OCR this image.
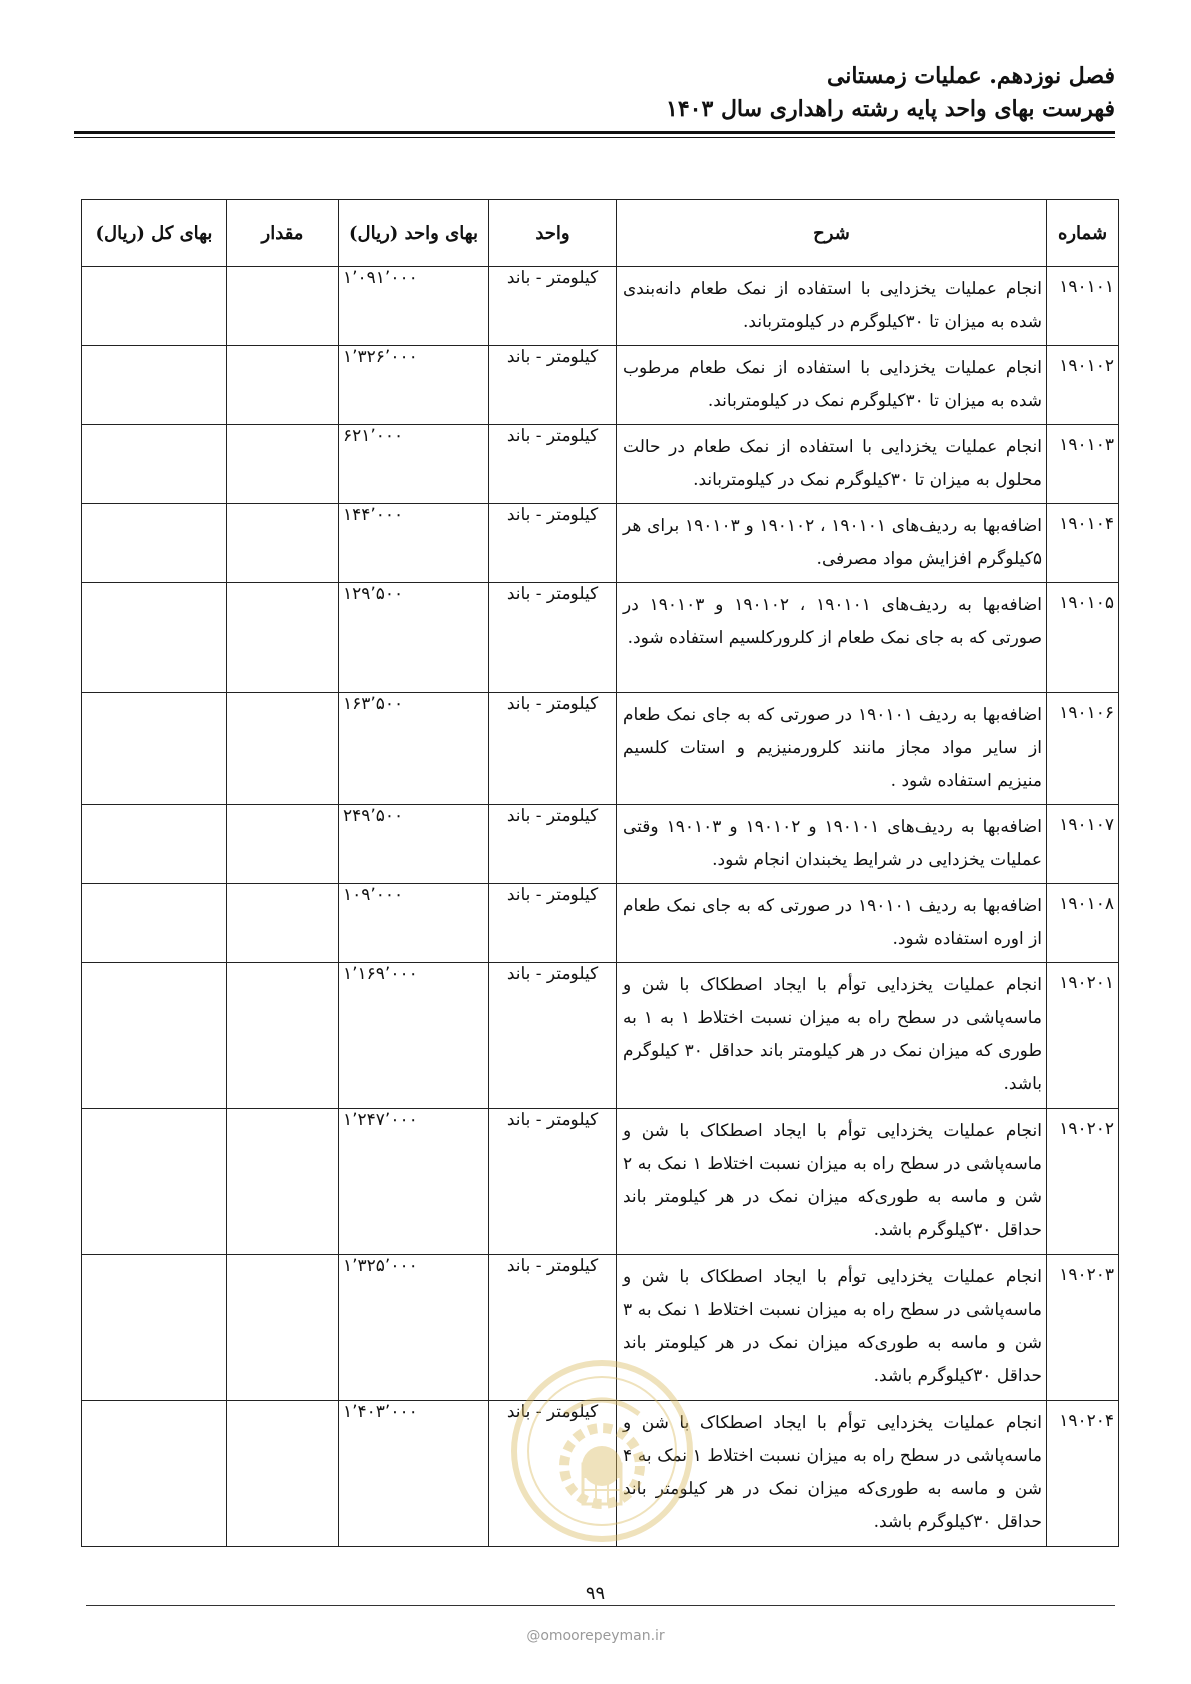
فصل نوزدهم. عملیات زمستانی
فهرست بهای واحد پایه رشته راهداری سال ۱۴۰۳
شماره	شرح	واحد	بهای واحد (ریال)	مقدار	بهای کل (ریال)
۱۹۰۱۰۱	انجام عملیات یخزدایی با استفاده از نمک طعام دانه‌بندی شده به میزان تا ۳۰کیلوگرم در کیلومترباند.	کیلومتر - باند	۱٬۰۹۱٬۰۰۰		
۱۹۰۱۰۲	انجام عملیات یخزدایی با استفاده از نمک طعام مرطوب شده به میزان تا ۳۰کیلوگرم نمک در کیلومترباند.	کیلومتر - باند	۱٬۳۲۶٬۰۰۰		
۱۹۰۱۰۳	انجام عملیات یخزدایی با استفاده از نمک طعام در حالت محلول به میزان تا ۳۰کیلوگرم نمک در کیلومترباند.	کیلومتر - باند	۶۲۱٬۰۰۰		
۱۹۰۱۰۴	اضافه‌بها به ردیف‌های ۱۹۰۱۰۱ ، ۱۹۰۱۰۲ و ۱۹۰۱۰۳ برای هر ۵کیلوگرم افزایش مواد مصرفی.	کیلومتر - باند	۱۴۴٬۰۰۰		
۱۹۰۱۰۵	اضافه‌بها به ردیف‌های ۱۹۰۱۰۱ ، ۱۹۰۱۰۲ و ۱۹۰۱۰۳ در صورتی که به جای نمک طعام از کلرورکلسیم استفاده شود.	کیلومتر - باند	۱۲۹٬۵۰۰		
۱۹۰۱۰۶	اضافه‌بها به ردیف ۱۹۰۱۰۱ در صورتی که به جای نمک طعام از سایر مواد مجاز مانند کلرورمنیزیم و استات کلسیم منیزیم استفاده شود .	کیلومتر - باند	۱۶۳٬۵۰۰		
۱۹۰۱۰۷	اضافه‌بها به ردیف‌های ۱۹۰۱۰۱ و ۱۹۰۱۰۲ و ۱۹۰۱۰۳ وقتی عملیات یخزدایی در شرایط یخبندان انجام شود.	کیلومتر - باند	۲۴۹٬۵۰۰		
۱۹۰۱۰۸	اضافه‌بها به ردیف ۱۹۰۱۰۱ در صورتی که به جای نمک طعام از اوره استفاده شود.	کیلومتر - باند	۱۰۹٬۰۰۰		
۱۹۰۲۰۱	انجام عملیات یخزدایی توأم با ایجاد اصطکاک با شن و ماسه‌پاشی در سطح راه به میزان نسبت اختلاط ۱ به ۱ به طوری که میزان نمک در هر کیلومتر باند حداقل ۳۰ کیلوگرم باشد.	کیلومتر - باند	۱٬۱۶۹٬۰۰۰		
۱۹۰۲۰۲	انجام عملیات یخزدایی توأم با ایجاد اصطکاک با شن و ماسه‌پاشی در سطح راه به میزان نسبت اختلاط ۱ نمک به ۲ شن و ماسه به طوری‌که میزان نمک در هر کیلومتر باند حداقل ۳۰کیلوگرم باشد.	کیلومتر - باند	۱٬۲۴۷٬۰۰۰		
۱۹۰۲۰۳	انجام عملیات یخزدایی توأم با ایجاد اصطکاک با شن و ماسه‌پاشی در سطح راه به میزان نسبت اختلاط ۱ نمک به ۳ شن و ماسه به طوری‌که میزان نمک در هر کیلومتر باند حداقل ۳۰کیلوگرم باشد.	کیلومتر - باند	۱٬۳۲۵٬۰۰۰		
۱۹۰۲۰۴	انجام عملیات یخزدایی توأم با ایجاد اصطکاک با شن و ماسه‌پاشی در سطح راه به میزان نسبت اختلاط ۱ نمک به ۴ شن و ماسه به طوری‌که میزان نمک در هر کیلومتر باند حداقل ۳۰کیلوگرم باشد.	کیلومتر - باند	۱٬۴۰۳٬۰۰۰		
۹۹
@omoorepeyman.ir
